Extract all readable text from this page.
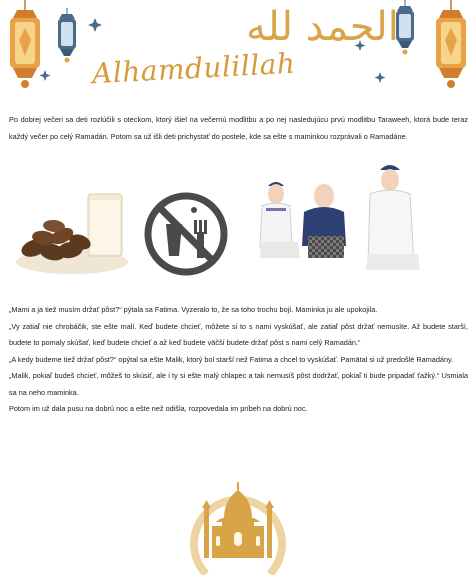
الحمد لله
Alhamdulillah

Po dobrej večeri sa deti rozlúčili s oteckom, ktorý išiel na večernú modlitbu a po nej nasledujúcu prvú modlitbu Taraweeh, ktorá bude teraz každý večer po celý Ramadán. Potom sa už išli deti prichystať do postele, kde sa ešte s maminkou rozprávali o Ramadáne.

„Mami a ja tiež musím držať pôst?“ pýtala sa Fatima. Vyzeralo to, že sa toho trochu bojí. Maminka ju ale upokojila.

„Vy zatiaľ nie chrobáčik, ste ešte malí. Keď budete chcieť, môžete si to s nami vyskúšať, ale zatiaľ pôst držať nemusíte. Až budete starší, budete to pomaly skúšať, keď budete chcieť a až keď budete väčší budete držať pôst s nami celý Ramadán.“

„A kedy budeme tiež držať pôst?“ opýtal sa ešte Malik, ktorý bol starší než Fatima a chcel to vyskúšať. Pamätal si už predošlé Ramadány.

„Malik, pokiaľ budeš chcieť, môžeš to skúsiť, ale i ty si ešte malý chlapec a tak nemusíš pôst dodržať, pokiaľ ti bude pripadať ťažký.“ Usmiala sa na neho maminka.

Potom im už dala pusu na dobrú noc a ešte než odišla, rozpovedala im príbeh na dobrú noc.
